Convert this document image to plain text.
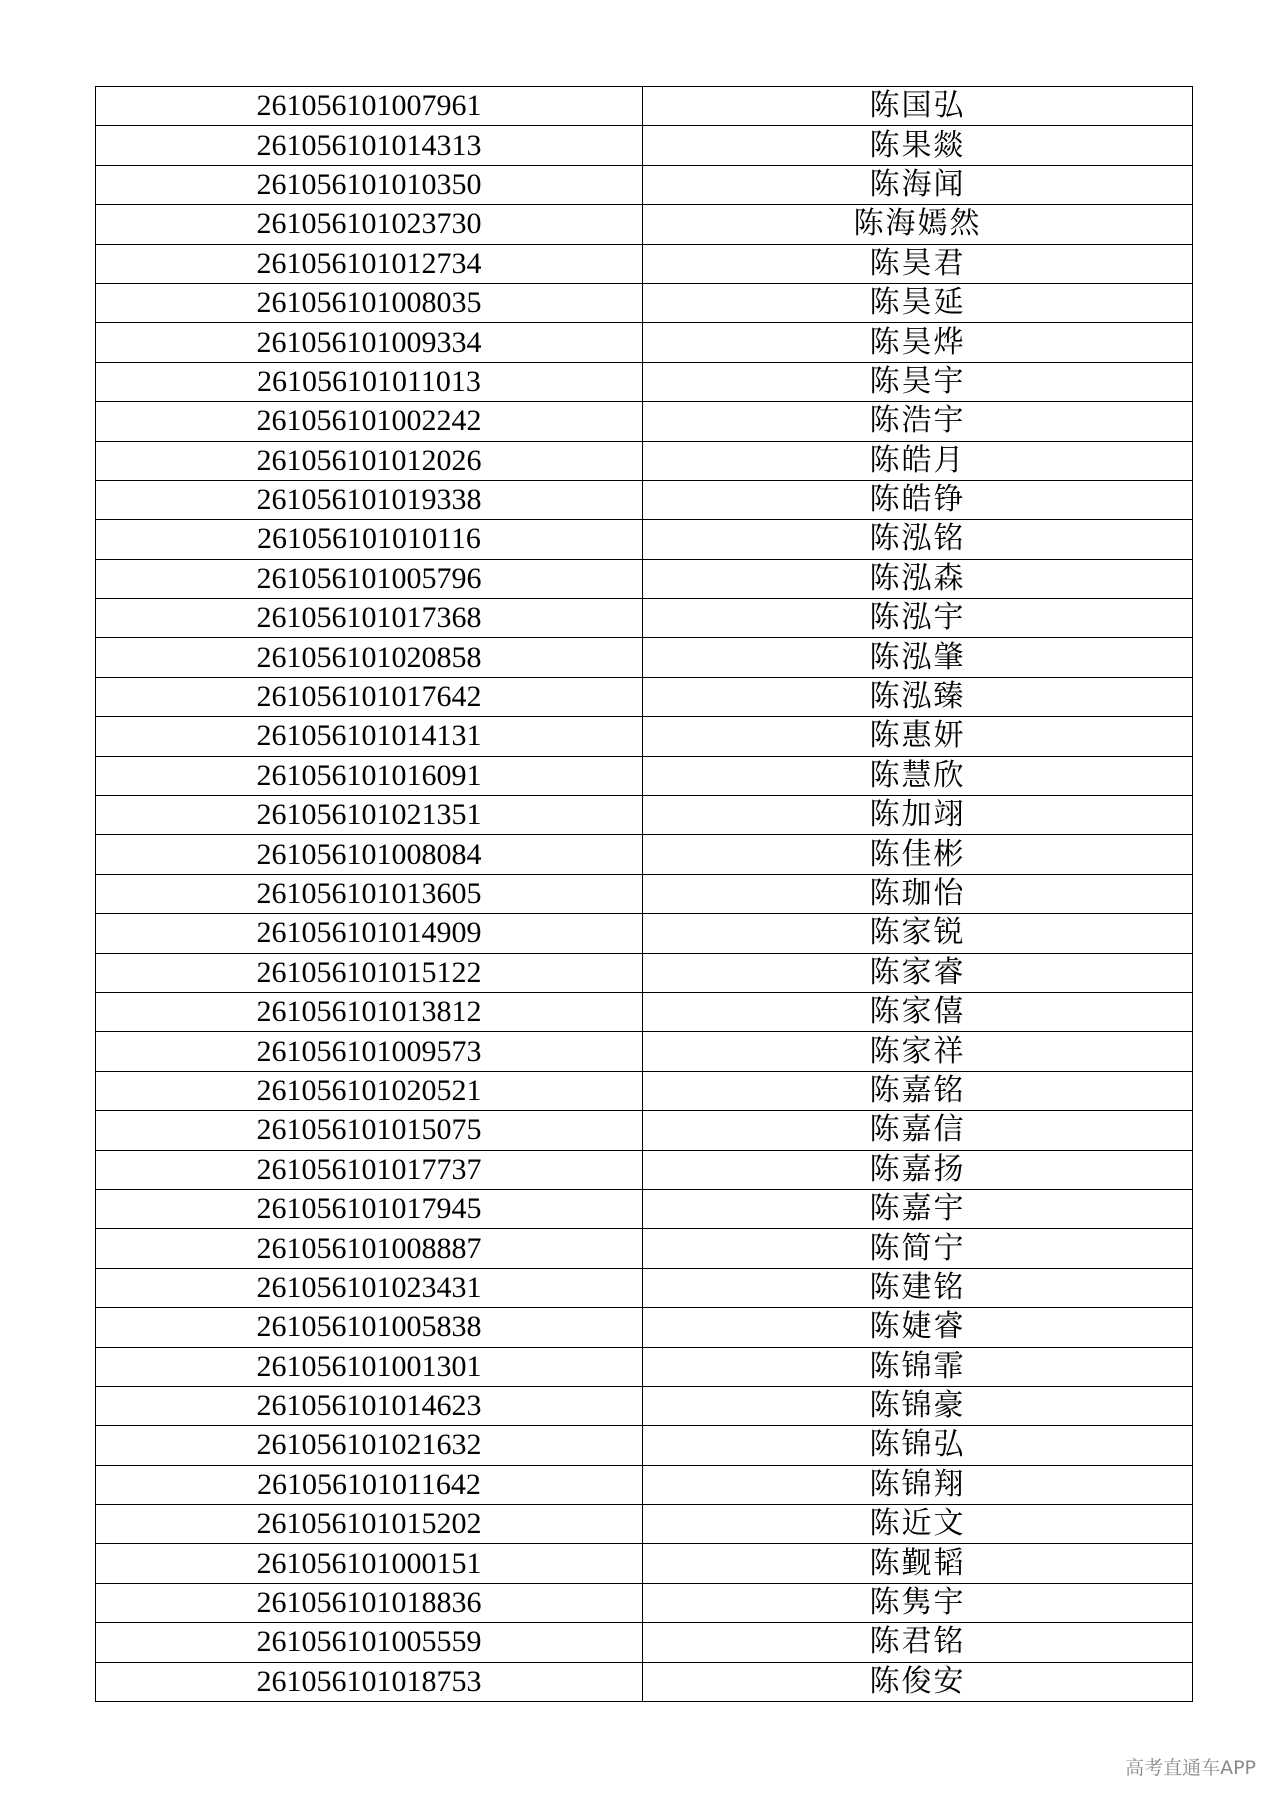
261056101007961	陈国弘
261056101014313	陈果燚
261056101010350	陈海闻
261056101023730	陈海嫣然
261056101012734	陈昊君
261056101008035	陈昊延
261056101009334	陈昊烨
261056101011013	陈昊宇
261056101002242	陈浩宇
261056101012026	陈皓月
261056101019338	陈皓铮
261056101010116	陈泓铭
261056101005796	陈泓森
261056101017368	陈泓宇
261056101020858	陈泓肇
261056101017642	陈泓臻
261056101014131	陈惠妍
261056101016091	陈慧欣
261056101021351	陈加翊
261056101008084	陈佳彬
261056101013605	陈珈怡
261056101014909	陈家锐
261056101015122	陈家睿
261056101013812	陈家僖
261056101009573	陈家祥
261056101020521	陈嘉铭
261056101015075	陈嘉信
261056101017737	陈嘉扬
261056101017945	陈嘉宇
261056101008887	陈简宁
261056101023431	陈建铭
261056101005838	陈婕睿
261056101001301	陈锦霏
261056101014623	陈锦豪
261056101021632	陈锦弘
261056101011642	陈锦翔
261056101015202	陈近文
261056101000151	陈觐韬
261056101018836	陈隽宇
261056101005559	陈君铭
261056101018753	陈俊安
高考直通车APP
